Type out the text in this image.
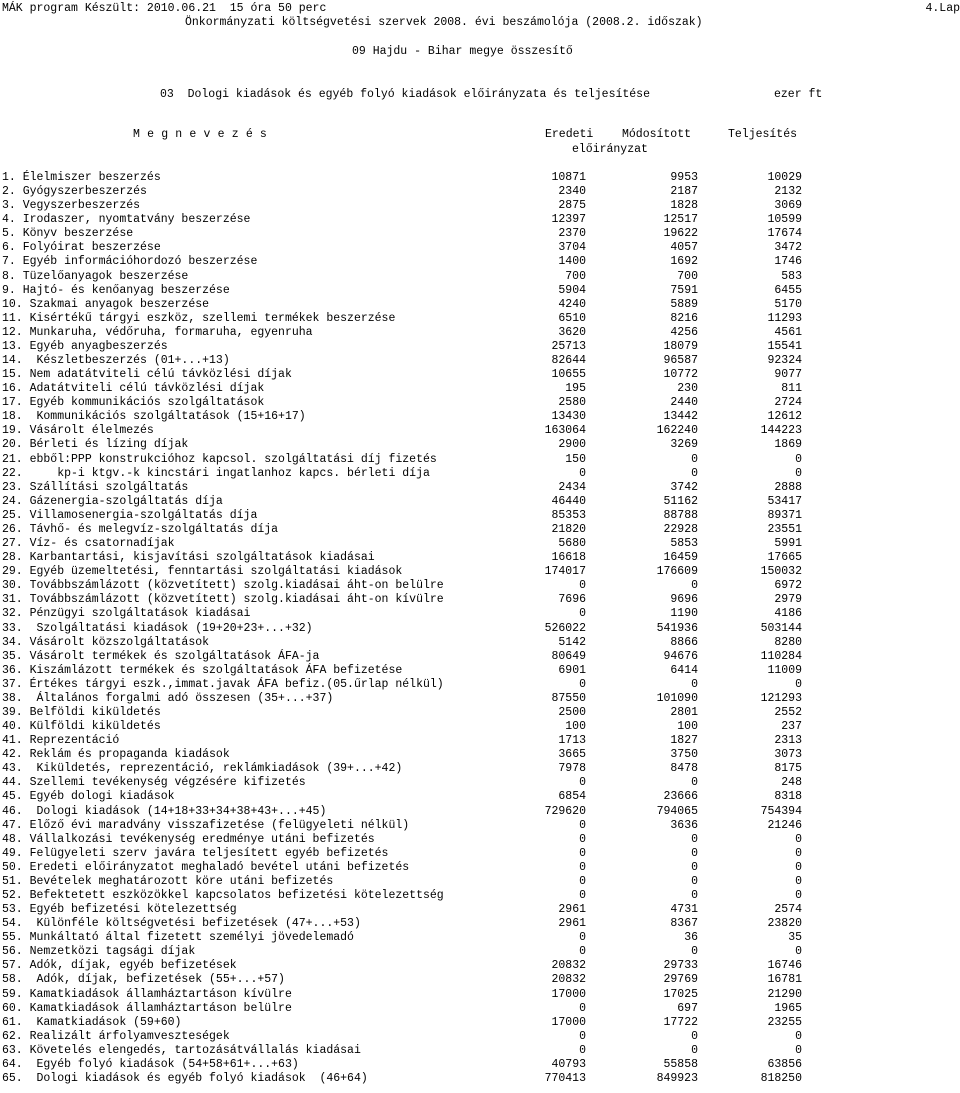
MÁK program Készült: 2010.06.21  15 óra 50 perc	4.Lap
Önkormányzati költségvetési szervek 2008. évi beszámolója (2008.2. időszak)
09 Hajdu - Bihar megye összesítő
03  Dologi kiadások és egyéb folyó kiadások előirányzata és teljesítése	ezer ft
M e g n e v e z é s	Eredeti Módosított	Teljesítés
előirányzat
1. Élelmiszer beszerzés	10871	9953	10029
2. Gyógyszerbeszerzés	2340	2187	2132
3. Vegyszerbeszerzés	2875	1828	3069
4. Irodaszer, nyomtatvány beszerzése	12397	12517	10599
5. Könyv beszerzése	2370	19622	17674
6. Folyóirat beszerzése	3704	4057	3472
7. Egyéb információhordozó beszerzése	1400	1692	1746
8. Tüzelőanyagok beszerzése	700	700	583
9. Hajtó- és kenőanyag beszerzése	5904	7591	6455
10. Szakmai anyagok beszerzése	4240	5889	5170
11. Kisértékű tárgyi eszköz, szellemi termékek beszerzése	6510	8216	11293
12. Munkaruha, védőruha, formaruha, egyenruha	3620	4256	4561
13. Egyéb anyagbeszerzés	25713	18079	15541
14.  Készletbeszerzés (01+...+13)	82644	96587	92324
15. Nem adatátviteli célú távközlési díjak	10655	10772	9077
16. Adatátviteli célú távközlési díjak	195	230	811
17. Egyéb kommunikációs szolgáltatások	2580	2440	2724
18.  Kommunikációs szolgáltatások (15+16+17)	13430	13442	12612
19. Vásárolt élelmezés	163064	162240	144223
20. Bérleti és lízing díjak	2900	3269	1869
21. ebből:PPP konstrukcióhoz kapcsol. szolgáltatási díj fizetés	150	0	0
22.     kp-i ktgv.-k kincstári ingatlanhoz kapcs. bérleti díja	0	0	0
23. Szállítási szolgáltatás	2434	3742	2888
24. Gázenergia-szolgáltatás díja	46440	51162	53417
25. Villamosenergia-szolgáltatás díja	85353	88788	89371
26. Távhő- és melegvíz-szolgáltatás díja	21820	22928	23551
27. Víz- és csatornadíjak	5680	5853	5991
28. Karbantartási, kisjavítási szolgáltatások kiadásai	16618	16459	17665
29. Egyéb üzemeltetési, fenntartási szolgáltatási kiadások	174017	176609	150032
30. Továbbszámlázott (közvetített) szolg.kiadásai áht-on belülre	0	0	6972
31. Továbbszámlázott (közvetített) szolg.kiadásai áht-on kívülre	7696	9696	2979
32. Pénzügyi szolgáltatások kiadásai	0	1190	4186
33.  Szolgáltatási kiadások (19+20+23+...+32)	526022	541936	503144
34. Vásárolt közszolgáltatások	5142	8866	8280
35. Vásárolt termékek és szolgáltatások ÁFA-ja	80649	94676	110284
36. Kiszámlázott termékek és szolgáltatások ÁFA befizetése	6901	6414	11009
37. Értékes tárgyi eszk.,immat.javak ÁFA befiz.(05.űrlap nélkül)	0	0	0
38.  Általános forgalmi adó összesen (35+...+37)	87550	101090	121293
39. Belföldi kiküldetés	2500	2801	2552
40. Külföldi kiküldetés	100	100	237
41. Reprezentáció	1713	1827	2313
42. Reklám és propaganda kiadások	3665	3750	3073
43.  Kiküldetés, reprezentáció, reklámkiadások (39+...+42)	7978	8478	8175
44. Szellemi tevékenység végzésére kifizetés	0	0	248
45. Egyéb dologi kiadások	6854	23666	8318
46.  Dologi kiadások (14+18+33+34+38+43+...+45)	729620	794065	754394
47. Előző évi maradvány visszafizetése (felügyeleti nélkül)	0	3636	21246
48. Vállalkozási tevékenység eredménye utáni befizetés	0	0	0
49. Felügyeleti szerv javára teljesített egyéb befizetés	0	0	0
50. Eredeti előirányzatot meghaladó bevétel utáni befizetés	0	0	0
51. Bevételek meghatározott köre utáni befizetés	0	0	0
52. Befektetett eszközökkel kapcsolatos befizetési kötelezettség	0	0	0
53. Egyéb befizetési kötelezettség	2961	4731	2574
54.  Különféle költségvetési befizetések (47+...+53)	2961	8367	23820
55. Munkáltató által fizetett személyi jövedelemadó	0	36	35
56. Nemzetközi tagsági díjak	0	0	0
57. Adók, díjak, egyéb befizetések	20832	29733	16746
58.  Adók, díjak, befizetések (55+...+57)	20832	29769	16781
59. Kamatkiadások államháztartáson kívülre	17000	17025	21290
60. Kamatkiadások államháztartáson belülre	0	697	1965
61.  Kamatkiadások (59+60)	17000	17722	23255
62. Realizált árfolyamveszteségek	0	0	0
63. Követelés elengedés, tartozásátvállalás kiadásai	0	0	0
64.  Egyéb folyó kiadások (54+58+61+...+63)	40793	55858	63856
65.  Dologi kiadások és egyéb folyó kiadások  (46+64)	770413	849923	818250
